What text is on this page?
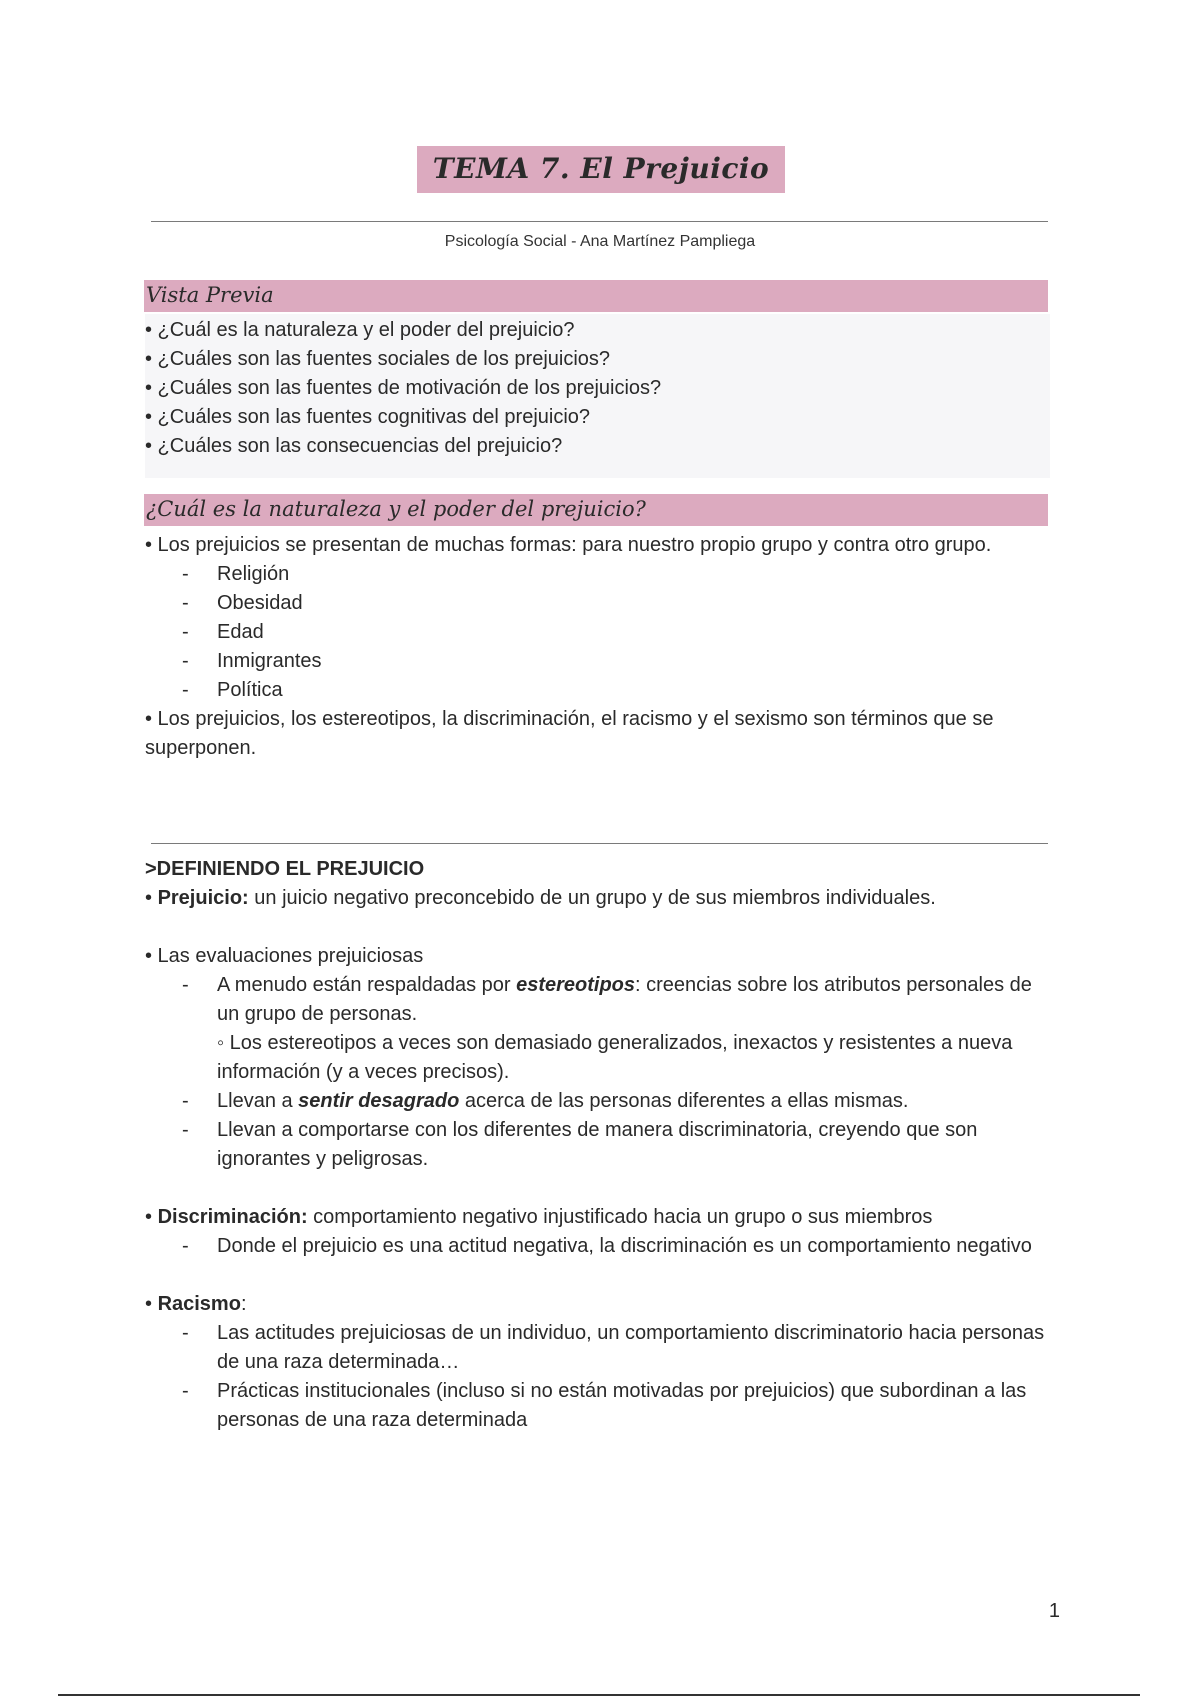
TEMA 7. El Prejuicio
Psicología Social - Ana Martínez Pampliega
Vista Previa

• ¿Cuál es la naturaleza y el poder del prejuicio?

• ¿Cuáles son las fuentes sociales de los prejuicios?

• ¿Cuáles son las fuentes de motivación de los prejuicios?

• ¿Cuáles son las fuentes cognitivas del prejuicio?

• ¿Cuáles son las consecuencias del prejuicio?

¿Cuál es la naturaleza y el poder del prejuicio?

• Los prejuicios se presentan de muchas formas: para nuestro propio grupo y contra otro grupo.

- Religión

- Obesidad

- Edad

- Inmigrantes

- Política

• Los prejuicios, los estereotipos, la discriminación, el racismo y el sexismo son términos que se superponen.

>DEFINIENDO EL PREJUICIO

• Prejuicio: un juicio negativo preconcebido de un grupo y de sus miembros individuales.

• Las evaluaciones prejuiciosas

- A menudo están respaldadas por estereotipos: creencias sobre los atributos personales de un grupo de personas.

◦ Los estereotipos a veces son demasiado generalizados, inexactos y resistentes a nueva información (y a veces precisos).

- Llevan a sentir desagrado acerca de las personas diferentes a ellas mismas.

- Llevan a comportarse con los diferentes de manera discriminatoria, creyendo que son ignorantes y peligrosas.

• Discriminación: comportamiento negativo injustificado hacia un grupo o sus miembros

- Donde el prejuicio es una actitud negativa, la discriminación es un comportamiento negativo

• Racismo:

- Las actitudes prejuiciosas de un individuo, un comportamiento discriminatorio hacia personas de una raza determinada…

- Prácticas institucionales (incluso si no están motivadas por prejuicios) que subordinan a las personas de una raza determinada

1
